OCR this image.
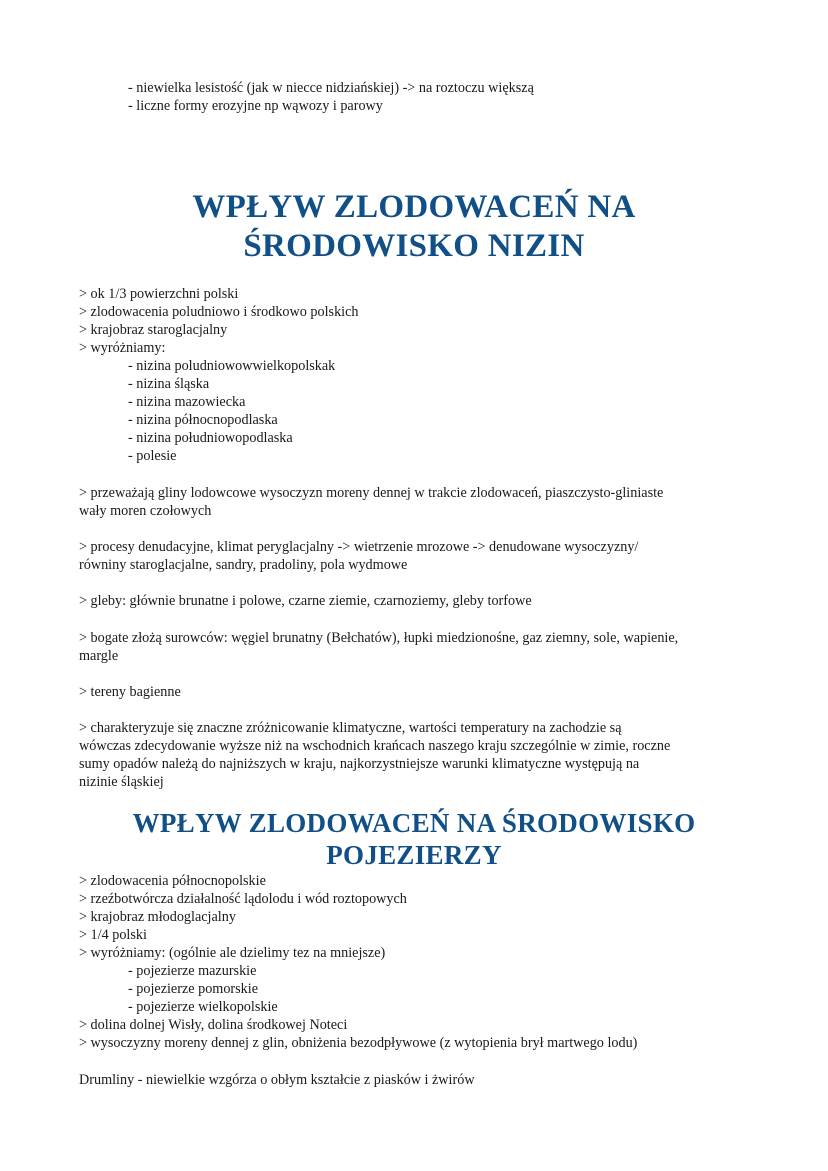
- niewielka lesistość (jak w niecce nidziańskiej) -> na roztoczu większą
- liczne formy erozyjne np wąwozy i parowy
WPŁYW ZLODOWACEŃ NA
ŚRODOWISKO NIZIN
> ok 1/3 powierzchni polski
> zlodowacenia poludniowo i środkowo polskich
> krajobraz staroglacjalny
> wyróżniamy:
- nizina poludniowowwielkopolskak
- nizina śląska
- nizina mazowiecka
- nizina północnopodlaska
- nizina południowopodlaska
- polesie
> przeważają gliny lodowcowe wysoczyzn moreny dennej w trakcie zlodowaceń, piaszczysto-gliniaste
wały moren czołowych
> procesy denudacyjne, klimat peryglacjalny -> wietrzenie mrozowe -> denudowane wysoczyzny/
równiny staroglacjalne, sandry, pradoliny, pola wydmowe
> gleby: głównie brunatne i polowe, czarne ziemie, czarnoziemy, gleby torfowe
> bogate złożą surowców: węgiel brunatny (Bełchatów), łupki miedzionośne, gaz ziemny, sole, wapienie,
margle
> tereny bagienne
> charakteryzuje się znaczne zróżnicowanie klimatyczne, wartości temperatury na zachodzie są
wówczas zdecydowanie wyższe niż na wschodnich krańcach naszego kraju szczególnie w zimie, roczne
sumy opadów należą do najniższych w kraju, najkorzystniejsze warunki klimatyczne występują na
nizinie śląskiej
WPŁYW ZLODOWACEŃ NA ŚRODOWISKO
POJEZIERZY
> zlodowacenia północnopolskie
> rzeźbotwórcza działalność lądolodu i wód roztopowych
> krajobraz młodoglacjalny
> 1/4 polski
> wyróżniamy: (ogólnie ale dzielimy tez na mniejsze)
- pojezierze mazurskie
- pojezierze pomorskie
- pojezierze wielkopolskie
> dolina dolnej Wisły, dolina środkowej Noteci
> wysoczyzny moreny dennej z glin, obniżenia bezodpływowe (z wytopienia brył martwego lodu)
Drumliny - niewielkie wzgórza o obłym kształcie z piasków i żwirów
